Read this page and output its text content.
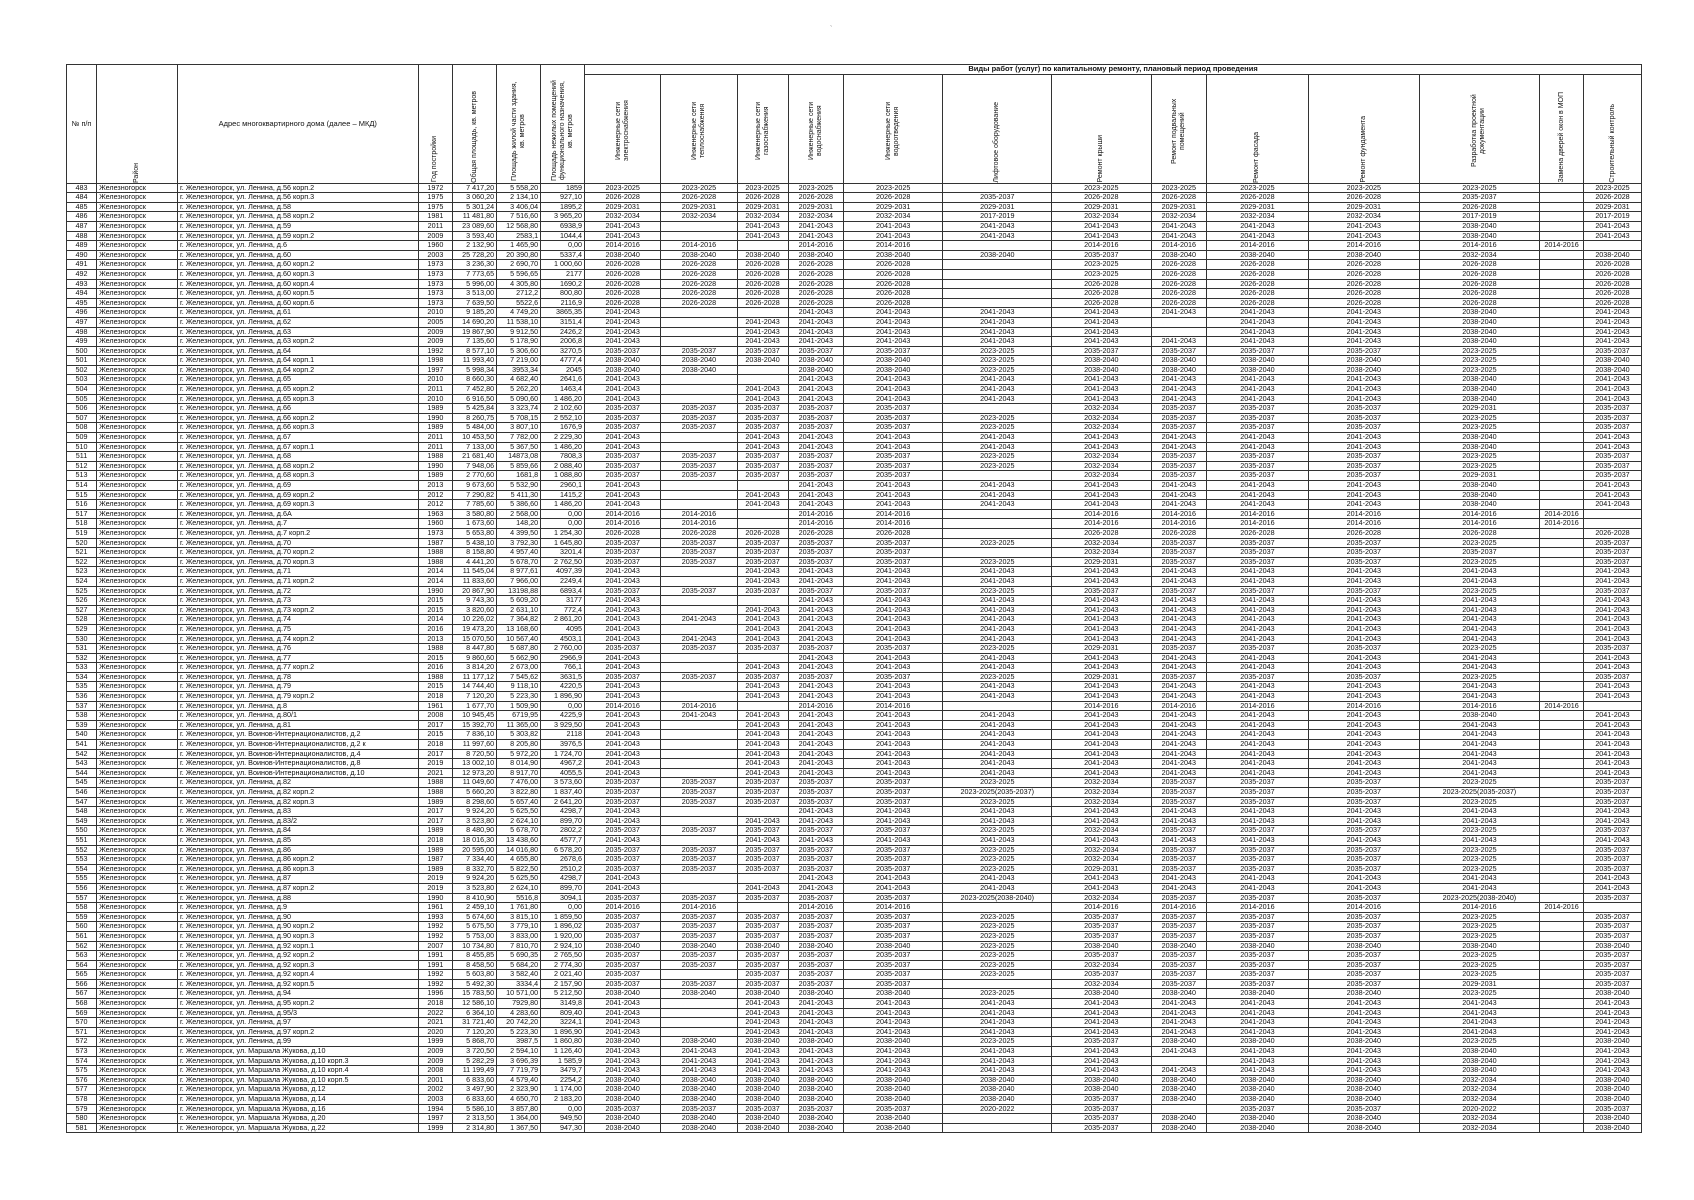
`
№ п/п	Район	Адрес многоквартирного дома (далее – МКД)	Год постройки	Общая площадь, кв. метров	Площадь жилой части здания, кв. метров	Площадь нежилых помещений функционального назначения, кв. метров	Виды работ (услуг) по капитальному ремонту, плановый период проведения												

							Инженерные сети электроснабжения	Инженерные сети теплоснабжения	Инженерные сети газоснабжения	Инженерные сети водоснабжения	Инженерные сети водоотведения	Лифтовое оборудование	Ремонт крыши	Ремонт подвальных помещений	Ремонт фасада	Ремонт фундамента	Разработка проектной документации	Замена дверей окон в МОП	Строительный контроль

483	Железногорск	г. Железногорск, ул. Ленина, д.56 корп.2	1972	7 417,20	5 558,20	1859	2023-2025	2023-2025	2023-2025	2023-2025	2023-2025		2023-2025	2023-2025	2023-2025	2023-2025	2023-2025		2023-2025
484	Железногорск	г. Железногорск, ул. Ленина, д.56 корп.3	1975	3 060,20	2 134,10	927,10	2026-2028	2026-2028	2026-2028	2026-2028	2026-2028	2035-2037	2026-2028	2026-2028	2026-2028	2026-2028	2035-2037		2026-2028
485	Железногорск	г. Железногорск, ул. Ленина, д.58	1975	5 301,24	3 406,04	1895,2	2029-2031	2029-2031	2029-2031	2029-2031	2029-2031	2029-2031	2029-2031	2029-2031	2029-2031	2029-2031	2026-2028		2029-2031
486	Железногорск	г. Железногорск, ул. Ленина, д.58 корп.2	1981	11 481,80	7 516,60	3 965,20	2032-2034	2032-2034	2032-2034	2032-2034	2032-2034	2017-2019	2032-2034	2032-2034	2032-2034	2032-2034	2017-2019		2017-2019
487	Железногорск	г. Железногорск, ул. Ленина, д.59	2011	23 089,60	12 568,80	6938,9	2041-2043		2041-2043	2041-2043	2041-2043	2041-2043	2041-2043	2041-2043	2041-2043	2041-2043	2038-2040		2041-2043
488	Железногорск	г. Железногорск, ул. Ленина, д.59 корп.2	2009	3 593,40	2583,1	1044,4	2041-2043		2041-2043	2041-2043	2041-2043	2041-2043	2041-2043	2041-2043	2041-2043	2041-2043	2038-2040		2041-2043
489	Железногорск	г. Железногорск, ул. Ленина, д.6	1960	2 132,90	1 465,90	0,00	2014-2016	2014-2016		2014-2016	2014-2016		2014-2016	2014-2016	2014-2016	2014-2016	2014-2016	2014-2016	
490	Железногорск	г. Железногорск, ул. Ленина, д.60	2003	25 728,20	20 390,80	5337,4	2038-2040	2038-2040	2038-2040	2038-2040	2038-2040	2038-2040	2035-2037	2038-2040	2038-2040	2038-2040	2032-2034		2038-2040
491	Железногорск	г. Железногорск, ул. Ленина, д.60 корп.2	1973	3 236,30	2 690,70	1 000,60	2026-2028	2026-2028	2026-2028	2026-2028	2026-2028		2023-2025	2026-2028	2026-2028	2026-2028	2026-2028		2026-2028
492	Железногорск	г. Железногорск, ул. Ленина, д.60 корп.3	1973	7 773,65	5 596,65	2177	2026-2028	2026-2028	2026-2028	2026-2028	2026-2028		2023-2025	2026-2028	2026-2028	2026-2028	2026-2028		2026-2028
493	Железногорск	г. Железногорск, ул. Ленина, д.60 корп.4	1973	5 996,00	4 305,80	1690,2	2026-2028	2026-2028	2026-2028	2026-2028	2026-2028		2026-2028	2026-2028	2026-2028	2026-2028	2026-2028		2026-2028
494	Железногорск	г. Железногорск, ул. Ленина, д.60 корп.5	1973	3 513,00	2712,2	800,80	2026-2028	2026-2028	2026-2028	2026-2028	2026-2028		2026-2028	2026-2028	2026-2028	2026-2028	2026-2028		2026-2028
495	Железногорск	г. Железногорск, ул. Ленина, д.60 корп.6	1973	7 639,50	5522,6	2116,9	2026-2028	2026-2028	2026-2028	2026-2028	2026-2028		2026-2028	2026-2028	2026-2028	2026-2028	2026-2028		2026-2028
496	Железногорск	г. Железногорск, ул. Ленина, д.61	2010	9 185,20	4 749,20	3865,35	2041-2043			2041-2043	2041-2043	2041-2043	2041-2043	2041-2043	2041-2043	2041-2043	2038-2040		2041-2043
497	Железногорск	г. Железногорск, ул. Ленина, д.62	2005	14 690,20	11 538,10	3151,4	2041-2043		2041-2043	2041-2043	2041-2043	2041-2043	2041-2043		2041-2043	2041-2043	2038-2040		2041-2043
498	Железногорск	г. Железногорск, ул. Ленина, д.63	2009	19 867,90	9 912,50	2426,2	2041-2043		2041-2043	2041-2043	2041-2043	2041-2043	2041-2043		2041-2043	2041-2043	2038-2040		2041-2043
499	Железногорск	г. Железногорск, ул. Ленина, д.63 корп.2	2009	7 135,60	5 178,90	2006,8	2041-2043		2041-2043	2041-2043	2041-2043	2041-2043	2041-2043	2041-2043	2041-2043	2041-2043	2038-2040		2041-2043
500	Железногорск	г. Железногорск, ул. Ленина, д.64	1992	8 577,10	5 306,60	3270,5	2035-2037	2035-2037	2035-2037	2035-2037	2035-2037	2023-2025	2035-2037	2035-2037	2035-2037	2035-2037	2023-2025		2035-2037
501	Железногорск	г. Железногорск, ул. Ленина, д.64 корп.1	1998	11 993,40	7 219,00	4777,4	2038-2040	2038-2040	2038-2040	2038-2040	2038-2040	2023-2025	2038-2040	2038-2040	2038-2040	2038-2040	2023-2025		2038-2040
502	Железногорск	г. Железногорск, ул. Ленина, д.64 корп.2	1997	5 998,34	3953,34	2045	2038-2040	2038-2040		2038-2040	2038-2040	2023-2025	2038-2040	2038-2040	2038-2040	2038-2040	2023-2025		2038-2040
503	Железногорск	г. Железногорск, ул. Ленина, д.65	2010	8 660,30	4 682,40	2641,6	2041-2043			2041-2043	2041-2043	2041-2043	2041-2043	2041-2043	2041-2043	2041-2043	2038-2040		2041-2043
504	Железногорск	г. Железногорск, ул. Ленина, д.65 корп.2	2011	7 452,80	5 262,20	1463,4	2041-2043		2041-2043	2041-2043	2041-2043	2041-2043	2041-2043	2041-2043	2041-2043	2041-2043	2038-2040		2041-2043
505	Железногорск	г. Железногорск, ул. Ленина, д.65 корп.3	2010	6 916,50	5 090,60	1 486,20	2041-2043		2041-2043	2041-2043	2041-2043	2041-2043	2041-2043	2041-2043	2041-2043	2041-2043	2038-2040		2041-2043
506	Железногорск	г. Железногорск, ул. Ленина, д.66	1989	5 425,84	3 323,74	2 102,60	2035-2037	2035-2037	2035-2037	2035-2037	2035-2037		2032-2034	2035-2037	2035-2037	2035-2037	2029-2031		2035-2037
507	Железногорск	г. Железногорск, ул. Ленина, д.66 корп.2	1990	8 260,75	5 708,15	2 552,10	2035-2037	2035-2037	2035-2037	2035-2037	2035-2037	2023-2025	2032-2034	2035-2037	2035-2037	2035-2037	2023-2025		2035-2037
508	Железногорск	г. Железногорск, ул. Ленина, д.66 корп.3	1989	5 484,00	3 807,10	1676,9	2035-2037	2035-2037	2035-2037	2035-2037	2035-2037	2023-2025	2032-2034	2035-2037	2035-2037	2035-2037	2023-2025		2035-2037
509	Железногорск	г. Железногорск, ул. Ленина, д.67	2011	10 453,50	7 782,00	2 229,30	2041-2043		2041-2043	2041-2043	2041-2043	2041-2043	2041-2043	2041-2043	2041-2043	2041-2043	2038-2040		2041-2043
510	Железногорск	г. Железногорск, ул. Ленина, д.67 корп.1	2011	7 133,00	5 367,50	1 486,20	2041-2043		2041-2043	2041-2043	2041-2043	2041-2043	2041-2043	2041-2043	2041-2043	2041-2043	2038-2040		2041-2043
511	Железногорск	г. Железногорск, ул. Ленина, д.68	1988	21 681,40	14873,08	7808,3	2035-2037	2035-2037	2035-2037	2035-2037	2035-2037	2023-2025	2032-2034	2035-2037	2035-2037	2035-2037	2023-2025		2035-2037
512	Железногорск	г. Железногорск, ул. Ленина, д.68 корп.2	1990	7 948,06	5 859,66	2 088,40	2035-2037	2035-2037	2035-2037	2035-2037	2035-2037	2023-2025	2032-2034	2035-2037	2035-2037	2035-2037	2023-2025		2035-2037
513	Железногорск	г. Железногорск, ул. Ленина, д.68 корп.3	1989	2 770,60	1681,8	1 088,80	2035-2037	2035-2037	2035-2037	2035-2037	2035-2037		2032-2034	2035-2037	2035-2037	2035-2037	2029-2031		2035-2037
514	Железногорск	г. Железногорск, ул. Ленина, д.69	2013	9 673,60	5 532,90	2960,1	2041-2043			2041-2043	2041-2043	2041-2043	2041-2043	2041-2043	2041-2043	2041-2043	2038-2040		2041-2043
515	Железногорск	г. Железногорск, ул. Ленина, д.69 корп.2	2012	7 290,82	5 411,30	1415,2	2041-2043		2041-2043	2041-2043	2041-2043	2041-2043	2041-2043	2041-2043	2041-2043	2041-2043	2038-2040		2041-2043
516	Железногорск	г. Железногорск, ул. Ленина, д.69 корп.3	2012	7 785,60	5 386,60	1 486,20	2041-2043		2041-2043	2041-2043	2041-2043	2041-2043	2041-2043	2041-2043	2041-2043	2041-2043	2038-2040		2041-2043
517	Железногорск	г. Железногорск, ул. Ленина, д.6А	1963	3 580,80	2 568,00	0,00	2014-2016	2014-2016		2014-2016	2014-2016		2014-2016	2014-2016	2014-2016	2014-2016	2014-2016	2014-2016	
518	Железногорск	г. Железногорск, ул. Ленина, д.7	1960	1 673,60	148,20	0,00	2014-2016	2014-2016		2014-2016	2014-2016		2014-2016	2014-2016	2014-2016	2014-2016	2014-2016	2014-2016	
519	Железногорск	г. Железногорск, ул. Ленина, д.7 корп.2	1973	5 653,80	4 399,50	1 254,30	2026-2028	2026-2028	2026-2028	2026-2028	2026-2028		2026-2028	2026-2028	2026-2028	2026-2028	2026-2028		2026-2028
520	Железногорск	г. Железногорск, ул. Ленина, д.70	1987	5 438,10	3 792,30	1 645,80	2035-2037	2035-2037	2035-2037	2035-2037	2035-2037	2023-2025	2032-2034	2035-2037	2035-2037	2035-2037	2023-2025		2035-2037
521	Железногорск	г. Железногорск, ул. Ленина, д.70 корп.2	1988	8 158,80	4 957,40	3201,4	2035-2037	2035-2037	2035-2037	2035-2037	2035-2037		2032-2034	2035-2037	2035-2037	2035-2037	2035-2037		2035-2037
522	Железногорск	г. Железногорск, ул. Ленина, д.70 корп.3	1988	4 441,20	5 678,70	2 762,50	2035-2037	2035-2037	2035-2037	2035-2037	2035-2037	2023-2025	2029-2031	2035-2037	2035-2037	2035-2037	2023-2025		2035-2037
523	Железногорск	г. Железногорск, ул. Ленина, д.71	2014	11 545,04	8 977,61	4097,39	2041-2043		2041-2043	2041-2043	2041-2043	2041-2043	2041-2043	2041-2043	2041-2043	2041-2043	2041-2043		2041-2043
524	Железногорск	г. Железногорск, ул. Ленина, д.71 корп.2	2014	11 833,60	7 966,00	2249,4	2041-2043		2041-2043	2041-2043	2041-2043	2041-2043	2041-2043	2041-2043	2041-2043	2041-2043	2041-2043		2041-2043
525	Железногорск	г. Железногорск, ул. Ленина, д.72	1990	20 867,90	13198,88	6893,4	2035-2037	2035-2037	2035-2037	2035-2037	2035-2037	2023-2025	2035-2037	2035-2037	2035-2037	2035-2037	2023-2025		2035-2037
526	Железногорск	г. Железногорск, ул. Ленина, д.73	2015	9 743,30	5 609,20	3177	2041-2043			2041-2043	2041-2043	2041-2043	2041-2043	2041-2043	2041-2043	2041-2043	2041-2043		2041-2043
527	Железногорск	г. Железногорск, ул. Ленина, д.73 корп.2	2015	3 820,60	2 631,10	772,4	2041-2043		2041-2043	2041-2043	2041-2043	2041-2043	2041-2043	2041-2043	2041-2043	2041-2043	2041-2043		2041-2043
528	Железногорск	г. Железногорск, ул. Ленина, д.74	2014	10 226,02	7 364,82	2 861,20	2041-2043	2041-2043	2041-2043	2041-2043	2041-2043	2041-2043	2041-2043	2041-2043	2041-2043	2041-2043	2041-2043		2041-2043
529	Железногорск	г. Железногорск, ул. Ленина, д.75	2016	19 473,20	13 168,60	4095	2041-2043		2041-2043	2041-2043	2041-2043	2041-2043	2041-2043	2041-2043	2041-2043	2041-2043	2041-2043		2041-2043
530	Железногорск	г. Железногорск, ул. Ленина, д.74 корп.2	2013	15 070,50	10 567,40	4503,1	2041-2043	2041-2043	2041-2043	2041-2043	2041-2043	2041-2043	2041-2043	2041-2043	2041-2043	2041-2043	2041-2043		2041-2043
531	Железногорск	г. Железногорск, ул. Ленина, д.76	1988	8 447,80	5 687,80	2 760,00	2035-2037	2035-2037	2035-2037	2035-2037	2035-2037	2023-2025	2029-2031	2035-2037	2035-2037	2035-2037	2023-2025		2035-2037
532	Железногорск	г. Железногорск, ул. Ленина, д.77	2015	9 860,60	5 662,90	2966,9	2041-2043			2041-2043	2041-2043	2041-2043	2041-2043	2041-2043	2041-2043	2041-2043	2041-2043		2041-2043
533	Железногорск	г. Железногорск, ул. Ленина, д.77 корп.2	2016	3 814,20	2 673,00	766,1	2041-2043		2041-2043	2041-2043	2041-2043	2041-2043	2041-2043	2041-2043	2041-2043	2041-2043	2041-2043		2041-2043
534	Железногорск	г. Железногорск, ул. Ленина, д.78	1988	11 177,12	7 545,62	3631,5	2035-2037	2035-2037	2035-2037	2035-2037	2035-2037	2023-2025	2029-2031	2035-2037	2035-2037	2035-2037	2023-2025		2035-2037
535	Железногорск	г. Железногорск, ул. Ленина, д.79	2015	14 744,40	9 118,10	4220,5	2041-2043		2041-2043	2041-2043	2041-2043	2041-2043	2041-2043	2041-2043	2041-2043	2041-2043	2041-2043		2041-2043
536	Железногорск	г. Железногорск, ул. Ленина, д.79 корп.2	2018	7 120,20	5 223,30	1 896,90	2041-2043		2041-2043	2041-2043	2041-2043	2041-2043	2041-2043	2041-2043	2041-2043	2041-2043	2041-2043		2041-2043
537	Железногорск	г. Железногорск, ул. Ленина, д.8	1961	1 677,70	1 509,90	0,00	2014-2016	2014-2016		2014-2016	2014-2016		2014-2016	2014-2016	2014-2016	2014-2016	2014-2016	2014-2016	
538	Железногорск	г. Железногорск, ул. Ленина, д.80/1	2008	10 945,45	6719,95	4225,9	2041-2043	2041-2043	2041-2043	2041-2043	2041-2043	2041-2043	2041-2043	2041-2043	2041-2043	2041-2043	2038-2040		2041-2043
539	Железногорск	г. Железногорск, ул. Ленина, д.81	2017	15 392,70	11 365,00	3 929,50	2041-2043		2041-2043	2041-2043	2041-2043	2041-2043	2041-2043	2041-2043	2041-2043	2041-2043	2041-2043		2041-2043
540	Железногорск	г. Железногорск, ул. Воинов-Интернационалистов, д.2	2015	7 836,10	5 303,82	2118	2041-2043		2041-2043	2041-2043	2041-2043	2041-2043	2041-2043	2041-2043	2041-2043	2041-2043	2041-2043		2041-2043
541	Железногорск	г. Железногорск, ул. Воинов-Интернационалистов, д.2 к	2018	11 997,60	8 205,80	3976,5	2041-2043		2041-2043	2041-2043	2041-2043	2041-2043	2041-2043	2041-2043	2041-2043	2041-2043	2041-2043		2041-2043
542	Железногорск	г. Железногорск, ул. Воинов-Интернационалистов, д.4	2017	8 720,50	5 972,20	1 724,70	2041-2043		2041-2043	2041-2043	2041-2043	2041-2043	2041-2043	2041-2043	2041-2043	2041-2043	2041-2043		2041-2043
543	Железногорск	г. Железногорск, ул. Воинов-Интернационалистов, д.8	2019	13 002,10	8 014,90	4967,2	2041-2043		2041-2043	2041-2043	2041-2043	2041-2043	2041-2043	2041-2043	2041-2043	2041-2043	2041-2043		2041-2043
544	Железногорск	г. Железногорск, ул. Воинов-Интернационалистов, д.10	2021	12 973,20	8 917,70	4055,5	2041-2043		2041-2043	2041-2043	2041-2043	2041-2043	2041-2043	2041-2043	2041-2043	2041-2043	2041-2043		2041-2043
545	Железногорск	г. Железногорск, ул. Ленина, д.82	1988	11 049,60	7 476,00	3 573,60	2035-2037	2035-2037	2035-2037	2035-2037	2035-2037	2023-2025	2032-2034	2035-2037	2035-2037	2035-2037	2023-2025		2035-2037
546	Железногорск	г. Железногорск, ул. Ленина, д.82 корп.2	1988	5 660,20	3 822,80	1 837,40	2035-2037	2035-2037	2035-2037	2035-2037	2035-2037	2023-2025(2035-2037)	2032-2034	2035-2037	2035-2037	2035-2037	2023-2025(2035-2037)		2035-2037
547	Железногорск	г. Железногорск, ул. Ленина, д.82 корп.3	1989	8 298,60	5 657,40	2 641,20	2035-2037	2035-2037	2035-2037	2035-2037	2035-2037	2023-2025	2032-2034	2035-2037	2035-2037	2035-2037	2023-2025		2035-2037
548	Железногорск	г. Железногорск, ул. Ленина, д.83	2017	9 924,20	5 625,50	4298,7	2041-2043			2041-2043	2041-2043	2041-2043	2041-2043	2041-2043	2041-2043	2041-2043	2041-2043		2041-2043
549	Железногорск	г. Железногорск, ул. Ленина, д.83/2	2017	3 523,80	2 624,10	899,70	2041-2043		2041-2043	2041-2043	2041-2043	2041-2043	2041-2043	2041-2043	2041-2043	2041-2043	2041-2043		2041-2043
550	Железногорск	г. Железногорск, ул. Ленина, д.84	1989	8 480,90	5 678,70	2802,2	2035-2037	2035-2037	2035-2037	2035-2037	2035-2037	2023-2025	2032-2034	2035-2037	2035-2037	2035-2037	2023-2025		2035-2037
551	Железногорск	г. Железногорск, ул. Ленина, д.85	2018	18 016,30	13 438,60	4577,7	2041-2043		2041-2043	2041-2043	2041-2043	2041-2043	2041-2043	2041-2043	2041-2043	2041-2043	2041-2043		2041-2043
552	Железногорск	г. Железногорск, ул. Ленина, д.86	1989	20 595,00	14 016,80	6 578,20	2035-2037	2035-2037	2035-2037	2035-2037	2035-2037	2023-2025	2032-2034	2035-2037	2035-2037	2035-2037	2023-2025		2035-2037
553	Железногорск	г. Железногорск, ул. Ленина, д.86 корп.2	1987	7 334,40	4 655,80	2678,6	2035-2037	2035-2037	2035-2037	2035-2037	2035-2037	2023-2025	2032-2034	2035-2037	2035-2037	2035-2037	2023-2025		2035-2037
554	Железногорск	г. Железногорск, ул. Ленина, д.86 корп.3	1989	8 332,70	5 822,50	2510,2	2035-2037	2035-2037	2035-2037	2035-2037	2035-2037	2023-2025	2029-2031	2035-2037	2035-2037	2035-2037	2023-2025		2035-2037
555	Железногорск	г. Железногорск, ул. Ленина, д.87	2019	9 924,20	5 625,50	4298,7	2041-2043			2041-2043	2041-2043	2041-2043	2041-2043	2041-2043	2041-2043	2041-2043	2041-2043		2041-2043
556	Железногорск	г. Железногорск, ул. Ленина, д.87 корп.2	2019	3 523,80	2 624,10	899,70	2041-2043		2041-2043	2041-2043	2041-2043	2041-2043	2041-2043	2041-2043	2041-2043	2041-2043	2041-2043		2041-2043
557	Железногорск	г. Железногорск, ул. Ленина, д.88	1990	8 410,90	5516,8	3094,1	2035-2037	2035-2037	2035-2037	2035-2037	2035-2037	2023-2025(2038-2040)	2032-2034	2035-2037	2035-2037	2035-2037	2023-2025(2038-2040)		2035-2037
558	Железногорск	г. Железногорск, ул. Ленина, д.9	1961	2 459,10	1 761,80	0,00	2014-2016	2014-2016		2014-2016	2014-2016		2014-2016	2014-2016	2014-2016	2014-2016	2014-2016	2014-2016	
559	Железногорск	г. Железногорск, ул. Ленина, д.90	1993	5 674,60	3 815,10	1 859,50	2035-2037	2035-2037	2035-2037	2035-2037	2035-2037	2023-2025	2035-2037	2035-2037	2035-2037	2035-2037	2023-2025		2035-2037
560	Железногорск	г. Железногорск, ул. Ленина, д.90 корп.2	1992	5 675,50	3 779,10	1 896,02	2035-2037	2035-2037	2035-2037	2035-2037	2035-2037	2023-2025	2035-2037	2035-2037	2035-2037	2035-2037	2023-2025		2035-2037
561	Железногорск	г. Железногорск, ул. Ленина, д.90 корп.3	1992	5 753,00	3 833,00	1 920,00	2035-2037	2035-2037	2035-2037	2035-2037	2035-2037	2023-2025	2035-2037	2035-2037	2035-2037	2035-2037	2023-2025		2035-2037
562	Железногорск	г. Железногорск, ул. Ленина, д.92 корп.1	2007	10 734,80	7 810,70	2 924,10	2038-2040	2038-2040	2038-2040	2038-2040	2038-2040	2023-2025	2038-2040	2038-2040	2038-2040	2038-2040	2038-2040		2038-2040
563	Железногорск	г. Железногорск, ул. Ленина, д.92 корп.2	1991	8 455,85	5 690,35	2 765,50	2035-2037	2035-2037	2035-2037	2035-2037	2035-2037	2023-2025	2035-2037	2035-2037	2035-2037	2035-2037	2023-2025		2035-2037
564	Железногорск	г. Железногорск, ул. Ленина, д.92 корп.3	1991	8 458,50	5 684,20	2 774,30	2035-2037	2035-2037	2035-2037	2035-2037	2035-2037	2023-2025	2032-2034	2035-2037	2035-2037	2035-2037	2023-2025		2035-2037
565	Железногорск	г. Железногорск, ул. Ленина, д.92 корп.4	1992	5 603,80	3 582,40	2 021,40	2035-2037		2035-2037	2035-2037	2035-2037	2023-2025	2035-2037	2035-2037	2035-2037	2035-2037	2023-2025		2035-2037
566	Железногорск	г. Железногорск, ул. Ленина, д.92 корп.5	1992	5 492,30	3334,4	2 157,90	2035-2037	2035-2037	2035-2037	2035-2037	2035-2037		2032-2034	2035-2037	2035-2037	2035-2037	2029-2031		2035-2037
567	Железногорск	г. Железногорск, ул. Ленина, д.94	1996	15 783,50	10 571,00	5 212,50	2038-2040	2038-2040	2038-2040	2038-2040	2038-2040	2023-2025	2038-2040	2038-2040	2038-2040	2038-2040	2023-2025		2038-2040
568	Железногорск	г. Железногорск, ул. Ленина, д.95 корп.2	2018	12 586,10	7929,80	3149,8	2041-2043		2041-2043	2041-2043	2041-2043	2041-2043	2041-2043	2041-2043	2041-2043	2041-2043	2041-2043		2041-2043
569	Железногорск	г. Железногорск, ул. Ленина, д.95/3	2022	6 364,10	4 283,60	809,40	2041-2043		2041-2043	2041-2043	2041-2043	2041-2043	2041-2043	2041-2043	2041-2043	2041-2043	2041-2043		2041-2043
570	Железногорск	г. Железногорск, ул. Ленина, д.97	2021	31 721,40	20 742,20	3224,1	2041-2043		2041-2043	2041-2043	2041-2043	2041-2043	2041-2043	2041-2043	2041-2043	2041-2043	2041-2043		2041-2043
571	Железногорск	г. Железногорск, ул. Ленина, д.97 корп.2	2020	7 120,20	5 223,30	1 896,90	2041-2043		2041-2043	2041-2043	2041-2043	2041-2043	2041-2043	2041-2043	2041-2043	2041-2043	2041-2043		2041-2043
572	Железногорск	г. Железногорск, ул. Ленина, д.99	1999	5 868,70	3987,5	1 860,80	2038-2040	2038-2040	2038-2040	2038-2040	2038-2040	2023-2025	2035-2037	2038-2040	2038-2040	2038-2040	2023-2025		2038-2040
573	Железногорск	г. Железногорск, ул. Маршала Жукова, д.10	2009	3 720,50	2 594,10	1 126,40	2041-2043	2041-2043	2041-2043	2041-2043	2041-2043	2041-2043	2041-2043	2041-2043	2041-2043	2041-2043	2038-2040		2041-2043
574	Железногорск	г. Железногорск, ул. Маршала Жукова, д.10 корп.3	2009	5 282,29	3 696,39	1 585,9	2041-2043	2041-2043	2041-2043	2041-2043	2041-2043	2041-2043	2041-2043		2041-2043	2041-2043	2038-2040		2041-2043
575	Железногорск	г. Железногорск, ул. Маршала Жукова, д.10 корп.4	2008	11 199,49	7 719,79	3479,7	2041-2043	2041-2043	2041-2043	2041-2043	2041-2043	2041-2043	2041-2043	2041-2043	2041-2043	2041-2043	2038-2040		2041-2043
576	Железногорск	г. Железногорск, ул. Маршала Жукова, д.10 корп.5	2001	6 833,60	4 579,40	2254,2	2038-2040	2038-2040	2038-2040	2038-2040	2038-2040	2038-2040	2038-2040	2038-2040	2038-2040	2038-2040	2032-2034		2038-2040
577	Железногорск	г. Железногорск, ул. Маршала Жукова, д.12	2002	3 497,90	2 323,90	1 174,00	2038-2040	2038-2040	2038-2040	2038-2040	2038-2040	2038-2040	2038-2040	2038-2040	2038-2040	2038-2040	2032-2034		2038-2040
578	Железногорск	г. Железногорск, ул. Маршала Жукова, д.14	2003	6 833,60	4 650,70	2 183,20	2038-2040	2038-2040	2038-2040	2038-2040	2038-2040	2038-2040	2035-2037	2038-2040	2038-2040	2038-2040	2032-2034		2038-2040
579	Железногорск	г. Железногорск, ул. Маршала Жукова, д.16	1994	5 586,10	3 857,80	0,00	2035-2037	2035-2037	2035-2037	2035-2037	2035-2037	2020-2022	2035-2037		2035-2037	2035-2037	2020-2022		2035-2037
580	Железногорск	г. Железногорск, ул. Маршала Жукова, д.20	1997	2 313,50	1 364,00	949,50	2038-2040	2038-2040	2038-2040	2038-2040	2038-2040		2035-2037	2038-2040	2038-2040	2038-2040	2032-2034		2038-2040
581	Железногорск	г. Железногорск, ул. Маршала Жукова, д.22	1999	2 314,80	1 367,50	947,30	2038-2040	2038-2040	2038-2040	2038-2040	2038-2040		2035-2037	2038-2040	2038-2040	2038-2040	2032-2034		2038-2040
